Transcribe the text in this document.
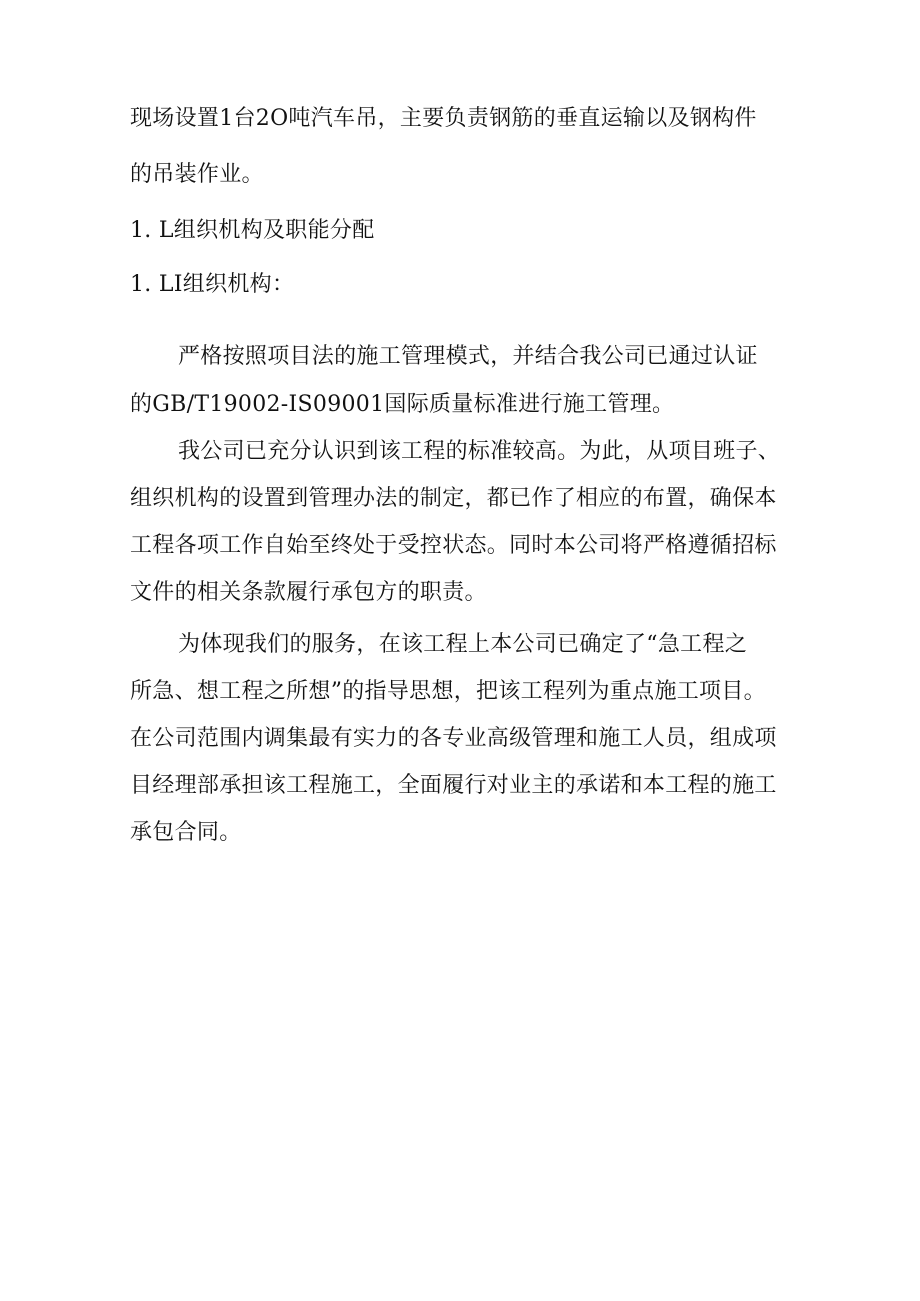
现场设置1台2O吨汽车吊，主要负责钢筋的垂直运输以及钢构件
的吊装作业。
1. L组织机构及职能分配
1. LI组织机构：
严格按照项目法的施工管理模式，并结合我公司已通过认证
的GB/T19002-IS09001国际质量标准进行施工管理。
我公司已充分认识到该工程的标准较高。为此，从项目班子、
组织机构的设置到管理办法的制定，都已作了相应的布置，确保本
工程各项工作自始至终处于受控状态。同时本公司将严格遵循招标
文件的相关条款履行承包方的职责。
为体现我们的服务，在该工程上本公司已确定了“急工程之
所急、想工程之所想”的指导思想，把该工程列为重点施工项目。
在公司范围内调集最有实力的各专业高级管理和施工人员，组成项
目经理部承担该工程施工，全面履行对业主的承诺和本工程的施工
承包合同。
